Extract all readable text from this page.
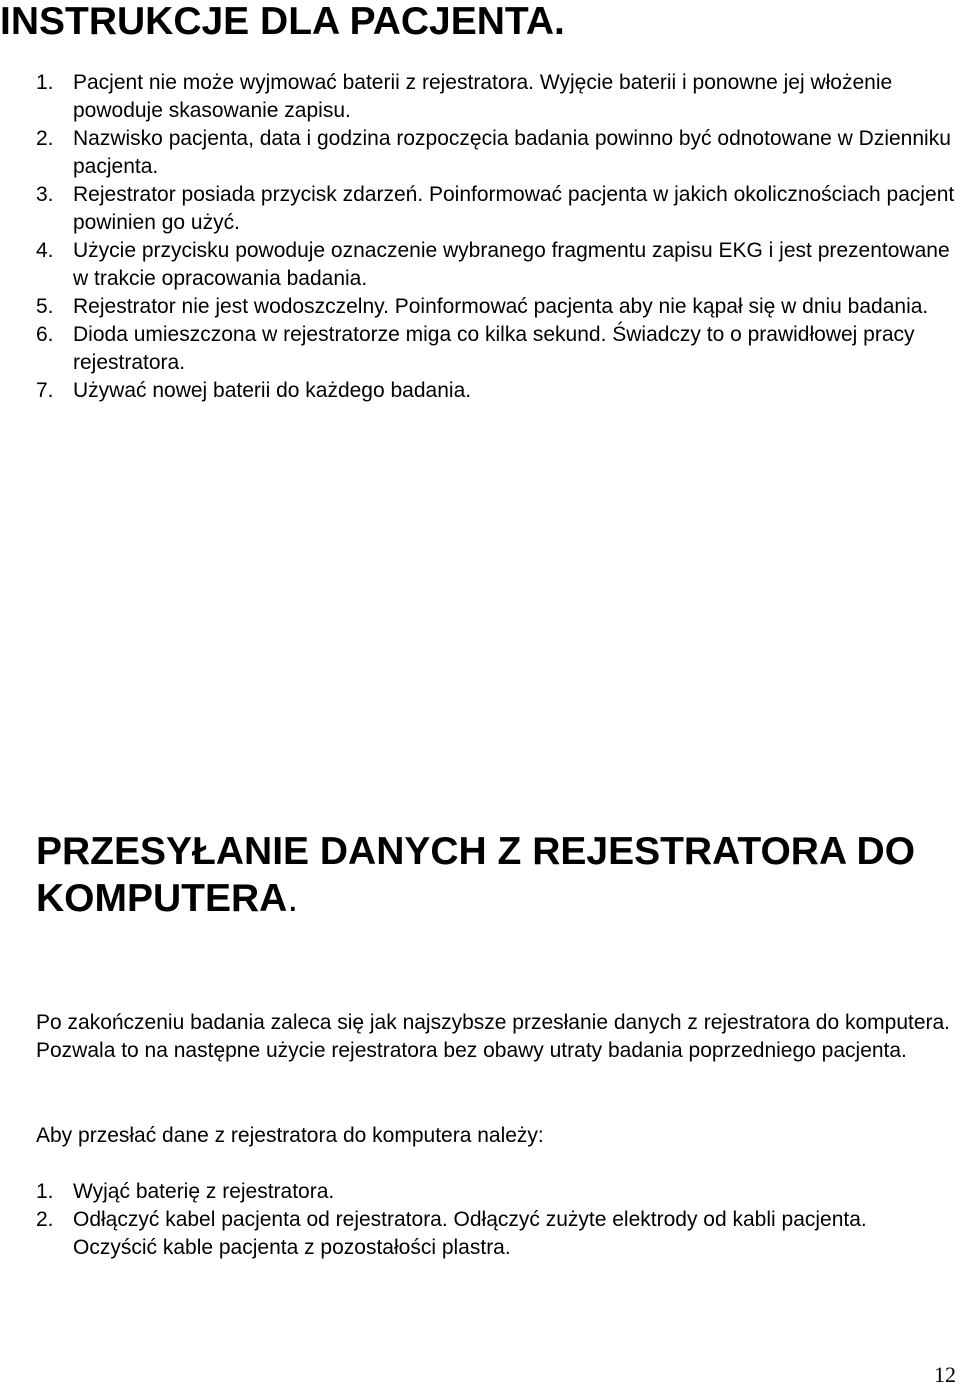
INSTRUKCJE DLA PACJENTA.
1. Pacjent nie może wyjmować baterii z rejestratora. Wyjęcie baterii i ponowne jej włożenie powoduje skasowanie zapisu.
2. Nazwisko pacjenta, data i godzina rozpoczęcia badania powinno być odnotowane w Dzienniku pacjenta.
3. Rejestrator posiada przycisk zdarzeń. Poinformować pacjenta w jakich okolicznościach pacjent powinien go użyć.
4. Użycie przycisku powoduje oznaczenie wybranego fragmentu zapisu EKG i jest prezentowane w trakcie opracowania badania.
5. Rejestrator nie jest wodoszczelny. Poinformować pacjenta aby nie kąpał się w dniu badania.
6. Dioda umieszczona w rejestratorze miga co kilka sekund. Świadczy to o prawidłowej pracy rejestratora.
7. Używać nowej baterii do każdego badania.
PRZESYŁANIE DANYCH Z REJESTRATORA DO KOMPUTERA.

Po zakończeniu badania zaleca się jak najszybsze przesłanie danych z rejestratora do komputera. Pozwala to na następne użycie rejestratora bez obawy utraty badania poprzedniego pacjenta.

Aby przesłać dane z rejestratora do komputera należy:

1. Wyjąć baterię z rejestratora.
2. Odłączyć kabel pacjenta od rejestratora. Odłączyć zużyte elektrody od kabli pacjenta. Oczyścić kable pacjenta z pozostałości plastra.
12
